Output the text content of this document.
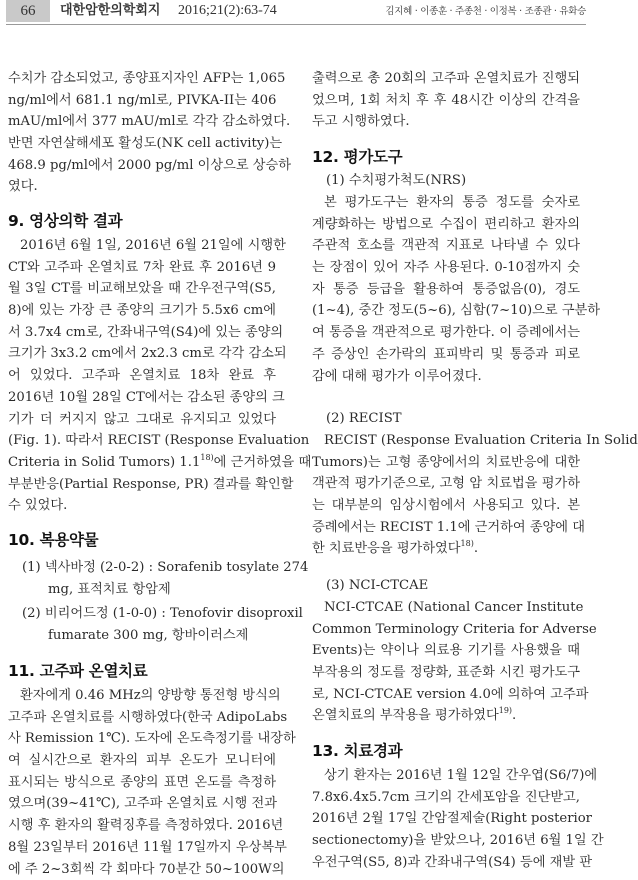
66	대한암한의학회지 2016;21(2):63-74	김지혜 · 이종훈 · 주종천 · 이정복 · 조종관 · 유화승
수치가 감소되었고, 종양표지자인 AFP는 1,065
ng/ml에서 681.1 ng/ml로, PIVKA-II는 406
mAU/ml에서 377 mAU/ml로 각각 감소하였다.
반면 자연살해세포 활성도(NK cell activity)는
468.9 pg/ml에서 2000 pg/ml 이상으로 상승하
였다.
9. 영상의학 결과
2016년 6월 1일, 2016년 6월 21일에 시행한
CT와 고주파 온열치료 7차 완료 후 2016년 9
월 3일 CT를 비교해보았을 때 간우전구역(S5,
8)에 있는 가장 큰 종양의 크기가 5.5x6 cm에
서 3.7x4 cm로, 간좌내구역(S4)에 있는 종양의
크기가 3x3.2 cm에서 2x2.3 cm로 각각 감소되
어 있었다. 고주파 온열치료 18차 완료 후
2016년 10월 28일 CT에서는 감소된 종양의 크
기가 더 커지지 않고 그대로 유지되고 있었다
(Fig. 1). 따라서 RECIST (Response Evaluation
Criteria in Solid Tumors) 1.1$^{18)}$에 근거하였을 때
부분반응(Partial Response, PR) 결과를 확인할
수 있었다.
10. 복용약물
(1) 넥사바정 (2-0-2) : Sorafenib tosylate 274
mg, 표적치료 항암제
(2) 비리어드정 (1-0-0) : Tenofovir disoproxil
fumarate 300 mg, 항바이러스제
11. 고주파 온열치료
환자에게 0.46 MHz의 양방향 통전형 방식의
고주파 온열치료를 시행하였다(한국 AdipoLabs
사 Remission 1℃). 도자에 온도측정기를 내장하
여 실시간으로 환자의 피부 온도가 모니터에
표시되는 방식으로 종양의 표면 온도를 측정하
였으며(39~41℃), 고주파 온열치료 시행 전과
시행 후 환자의 활력징후를 측정하였다. 2016년
8월 23일부터 2016년 11월 17일까지 우상복부
에 주 2~3회씩 각 회마다 70분간 50~100W의
출력으로 총 20회의 고주파 온열치료가 진행되
었으며, 1회 처치 후 후 48시간 이상의 간격을
두고 시행하였다.
12. 평가도구
(1) 수치평가척도(NRS)
본 평가도구는 환자의 통증 정도를 숫자로
계량화하는 방법으로 수집이 편리하고 환자의
주관적 호소를 객관적 지표로 나타낼 수 있다
는 장점이 있어 자주 사용된다. 0-10점까지 숫
자 통증 등급을 활용하여 통증없음(0), 경도
(1~4), 중간 정도(5~6), 심함(7~10)으로 구분하
여 통증을 객관적으로 평가한다. 이 증례에서는
주 증상인 손가락의 표피박리 및 통증과 피로
감에 대해 평가가 이루어졌다.
(2) RECIST
RECIST (Response Evaluation Criteria In Solid
Tumors)는 고형 종양에서의 치료반응에 대한
객관적 평가기준으로, 고형 암 치료법을 평가하
는 대부분의 임상시험에서 사용되고 있다. 본
증례에서는 RECIST 1.1에 근거하여 종양에 대
한 치료반응을 평가하였다$^{18)}$.
(3) NCI-CTCAE
NCI-CTCAE (National Cancer Institute
Common Terminology Criteria for Adverse
Events)는 약이나 의료용 기기를 사용했을 때
부작용의 정도를 정량화, 표준화 시킨 평가도구
로, NCI-CTCAE version 4.0에 의하여 고주파
온열치료의 부작용을 평가하였다$^{19)}$.
13. 치료경과
상기 환자는 2016년 1월 12일 간우엽(S6/7)에
7.8x6.4x5.7cm 크기의 간세포암을 진단받고,
2016년 2월 17일 간암절제술(Right posterior
sectionectomy)을 받았으나, 2016년 6월 1일 간
우전구역(S5, 8)과 간좌내구역(S4) 등에 재발 판
